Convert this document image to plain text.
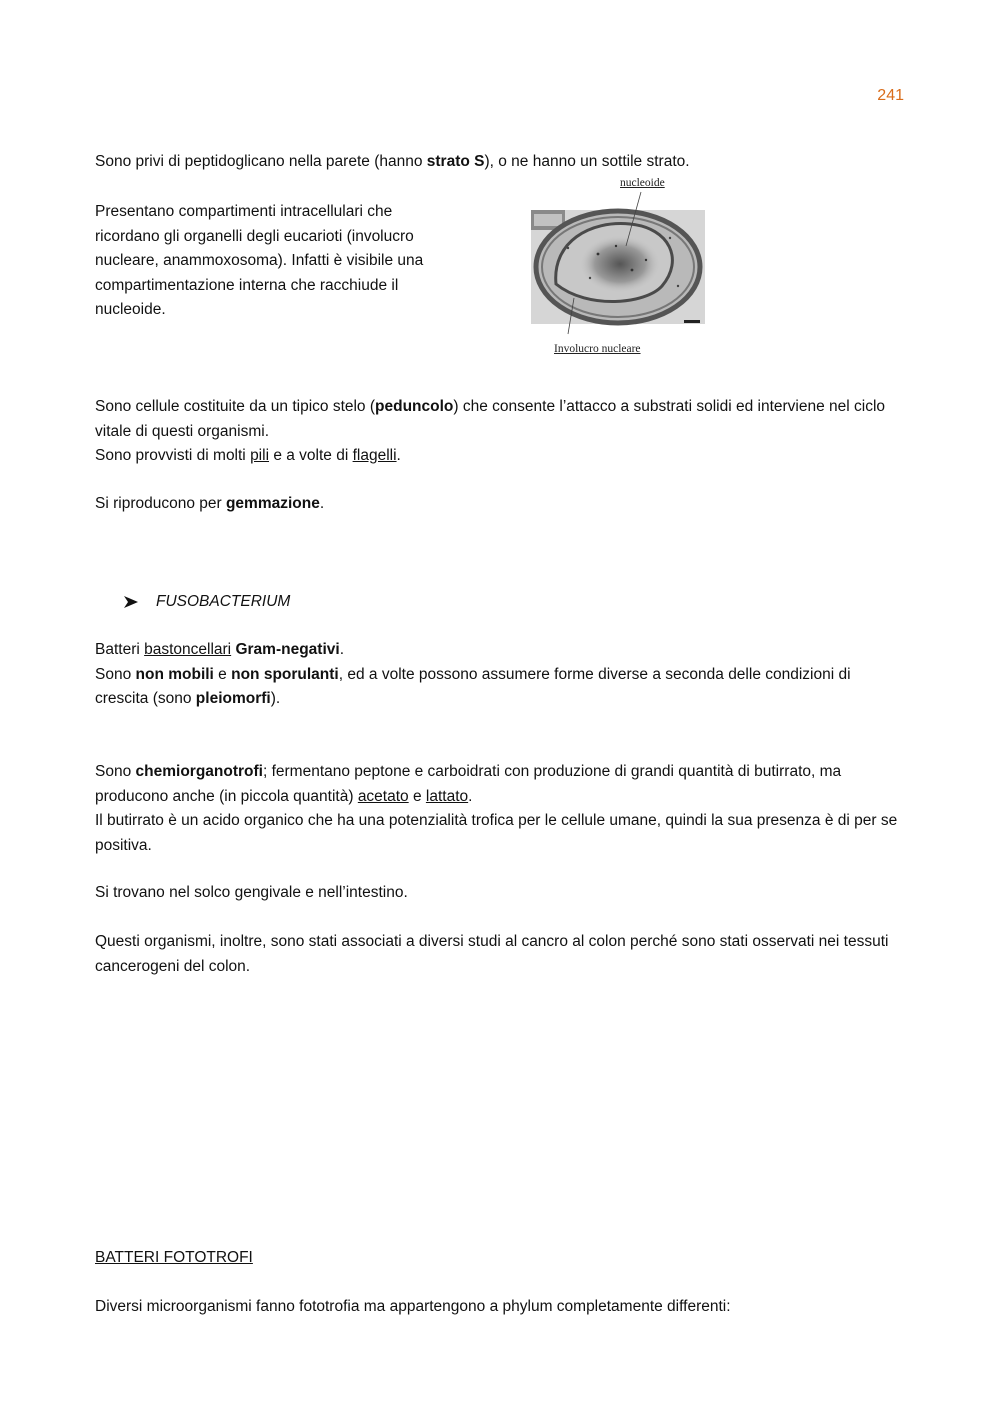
241

Sono privi di peptidoglicano nella parete (hanno strato S), o ne hanno un sottile strato.

Presentano compartimenti intracellulari che
ricordano gli organelli degli eucarioti (involucro
nucleare, anammoxosoma). Infatti è visibile una
compartimentazione interna che racchiude il
nucleoide.

nucleoide
Involucro nucleare

Sono cellule costituite da un tipico stelo (peduncolo) che consente l’attacco a substrati solidi ed interviene nel ciclo vitale di questi organismi.
Sono provvisti di molti pili e a volte di flagelli.

Si riproducono per gemmazione.

FUSOBACTERIUM

Batteri bastoncellari Gram-negativi.
Sono non mobili e non sporulanti, ed a volte possono assumere forme diverse a seconda delle condizioni di crescita (sono pleiomorfi).

Sono chemiorganotrofi; fermentano peptone e carboidrati con produzione di grandi quantità di butirrato, ma producono anche (in piccola quantità) acetato e lattato.
Il butirrato è un acido organico che ha una potenzialità trofica per le cellule umane, quindi la sua presenza è di per se positiva.

Si trovano nel solco gengivale e nell’intestino.

Questi organismi, inoltre, sono stati associati a diversi studi al cancro al colon perché sono stati osservati nei tessuti cancerogeni del colon.

BATTERI FOTOTROFI

Diversi microorganismi fanno fototrofia ma appartengono a phylum completamente differenti:
